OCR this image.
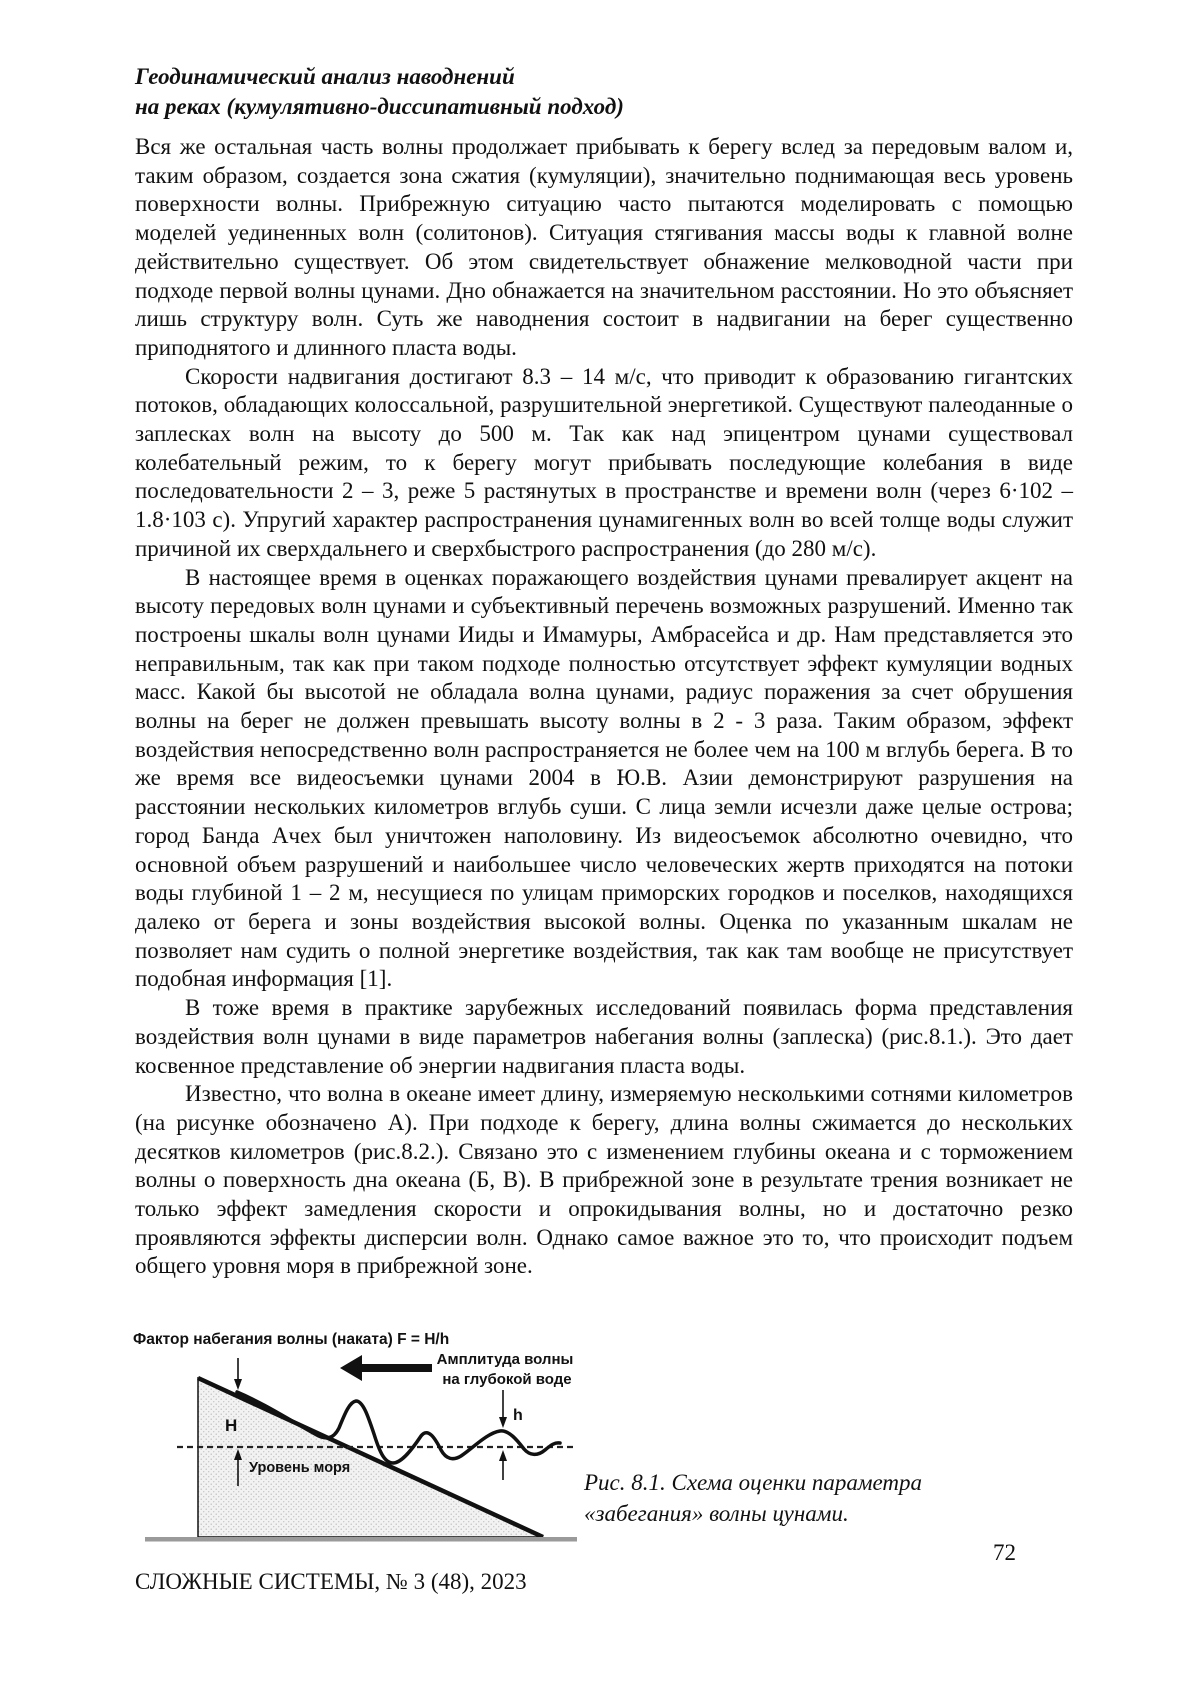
Геодинамический анализ наводнений
на реках (кумулятивно-диссипативный подход)

Вся же остальная часть волны продолжает прибывать к берегу вслед за передовым валом и, таким образом, создается зона сжатия (кумуляции), значительно поднимающая весь уровень поверхности волны. Прибрежную ситуацию часто пытаются моделировать с помощью моделей уединенных волн (солитонов). Ситуация стягивания массы воды к главной волне действительно существует. Об этом свидетельствует обнажение мелководной части при подходе первой волны цунами. Дно обнажается на значительном расстоянии. Но это объясняет лишь структуру волн. Суть же наводнения состоит в надвигании на берег существенно приподнятого и длинного пласта воды.

Скорости надвигания достигают 8.3 – 14 м/с, что приводит к образованию гигантских потоков, обладающих колоссальной, разрушительной энергетикой. Существуют палеоданные о заплесках волн на высоту до 500 м. Так как над эпицентром цунами существовал колебательный режим, то к берегу могут прибывать последующие колебания в виде последовательности 2 – 3, реже 5 растянутых в пространстве и времени волн (через 6·102 – 1.8·103 с). Упругий характер распространения цунамигенных волн во всей толще воды служит причиной их сверхдальнего и сверхбыстрого распространения (до 280 м/с).

В настоящее время в оценках поражающего воздействия цунами превалирует акцент на высоту передовых волн цунами и субъективный перечень возможных разрушений. Именно так построены шкалы волн цунами Ииды и Имамуры, Амбрасейса и др. Нам представляется это неправильным, так как при таком подходе полностью отсутствует эффект кумуляции водных масс. Какой бы высотой не обладала волна цунами, радиус поражения за счет обрушения волны на берег не должен превышать высоту волны в 2 - 3 раза. Таким образом, эффект воздействия непосредственно волн распространяется не более чем на 100 м вглубь берега. В то же время все видеосъемки цунами 2004 в Ю.В. Азии демонстрируют разрушения на расстоянии нескольких километров вглубь суши. С лица земли исчезли даже целые острова; город Банда Ачех был уничтожен наполовину. Из видеосъемок абсолютно очевидно, что основной объем разрушений и наибольшее число человеческих жертв приходятся на потоки воды глубиной 1 – 2 м, несущиеся по улицам приморских городков и поселков, находящихся далеко от берега и зоны воздействия высокой волны. Оценка по указанным шкалам не позволяет нам судить о полной энергетике воздействия, так как там вообще не присутствует подобная информация [1].

В тоже время в практике зарубежных исследований появилась форма представления воздействия волн цунами в виде параметров набегания волны (заплеска) (рис.8.1.). Это дает косвенное представление об энергии надвигания пласта воды.

Известно, что волна в океане имеет длину, измеряемую несколькими сотнями километров (на рисунке обозначено А). При подходе к берегу, длина волны сжимается до нескольких десятков километров (рис.8.2.). Связано это с изменением глубины океана и с торможением волны о поверхность дна океана (Б, В). В прибрежной зоне в результате трения возникает не только эффект замедления скорости и опрокидывания волны, но и достаточно резко проявляются эффекты дисперсии волн. Однако самое важное это то, что происходит подъем общего уровня моря в прибрежной зоне.

Фактор набегания волны (наката) F = H/h
Амплитуда волны
на глубокой воде
h
H
Уровень моря
Рис. 8.1. Схема оценки параметра
«забегания» волны цунами.
72
СЛОЖНЫЕ СИСТЕМЫ, № 3 (48), 2023
